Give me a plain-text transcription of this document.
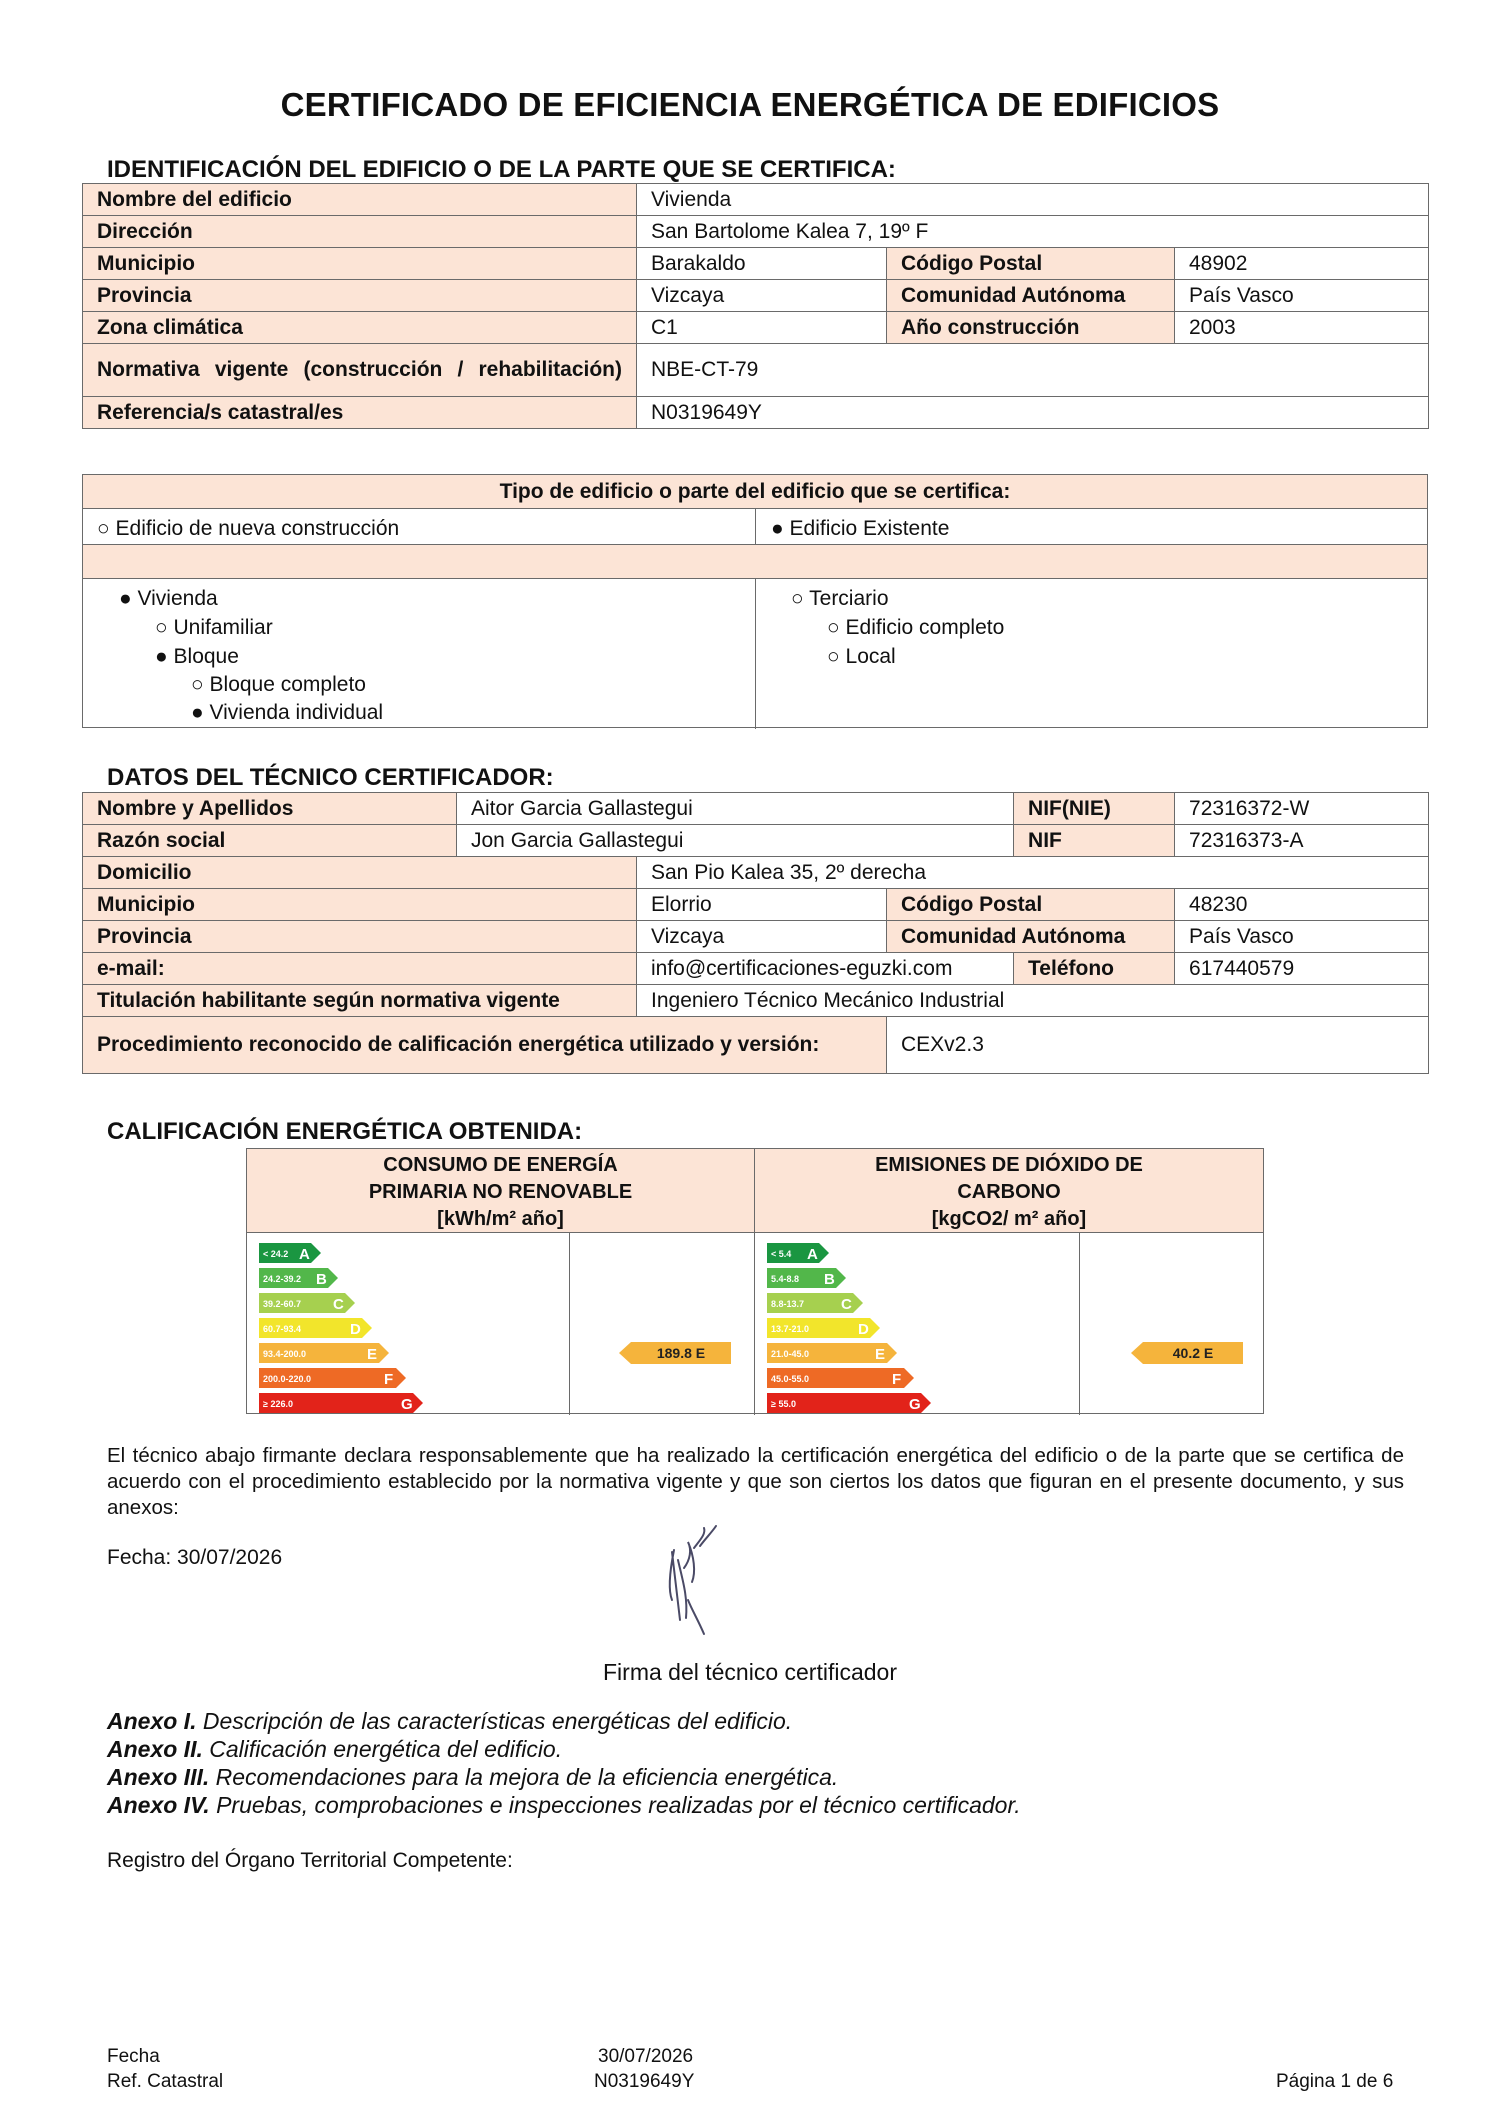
CERTIFICADO DE EFICIENCIA ENERGÉTICA DE EDIFICIOS
IDENTIFICACIÓN DEL EDIFICIO O DE LA PARTE QUE SE CERTIFICA:
Nombre del edificio	Vivienda		
Dirección	San Bartolome Kalea 7, 19º F		
Municipio	Barakaldo	Código Postal	48902
Provincia	Vizcaya	Comunidad Autónoma	País Vasco
Zona climática	C1	Año construcción	2003
Normativa vigente (construcción / rehabilitación)	NBE-CT-79		
Referencia/s catastral/es	N0319649Y		
Tipo de edificio o parte del edificio que se certifica:
○ Edificio de nueva construcción	● Edificio Existente
● Vivienda
○ Unifamiliar
● Bloque
○ Bloque completo
● Vivienda individual
○ Terciario
○ Edificio completo
○ Local
DATOS DEL TÉCNICO CERTIFICADOR:
Nombre y Apellidos	Aitor Garcia Gallastegui			NIF(NIE)	72316372-W
Razón social	Jon Garcia Gallastegui			NIF	72316373-A
Domicilio		San Pio Kalea 35, 2º derecha			
Municipio		Elorrio	Código Postal		48230
Provincia		Vizcaya	Comunidad Autónoma		País Vasco
e-mail:		info@certificaciones-eguzki.com		Teléfono	617440579
Titulación habilitante según normativa vigente		Ingeniero Técnico Mecánico Industrial			
Procedimiento reconocido de calificación energética utilizado y versión:			CEXv2.3		
CALIFICACIÓN ENERGÉTICA OBTENIDA:
CONSUMO DE ENERGÍA
PRIMARIA NO RENOVABLE
[kWh/m² año]
EMISIONES DE DIÓXIDO DE
CARBONO
[kgCO2/ m² año]
< 24.2 A
24.2-39.2 B
39.2-60.7 C
60.7-93.4	D
93.4-200.0	E	189.8 E
200.0-220.0	F
≥ 226.0	G
< 5.4 A
5.4-8.8 B
8.8-13.7 C
13.7-21.0	D
21.0-45.0	E	40.2 E
45.0-55.0	F
≥ 55.0	G
El técnico abajo firmante declara responsablemente que ha realizado la certificación energética del edificio o de la parte que se certifica de acuerdo con el procedimiento establecido por la normativa vigente y que son ciertos los datos que figuran en el presente documento, y sus anexos:
Fecha: 30/07/2026
Firma del técnico certificador
Anexo I. Descripción de las características energéticas del edificio.
Anexo II. Calificación energética del edificio.
Anexo III. Recomendaciones para la mejora de la eficiencia energética.
Anexo IV. Pruebas, comprobaciones e inspecciones realizadas por el técnico certificador.
Registro del Órgano Territorial Competente:
Fecha
Ref. Catastral
30/07/2026
N0319649Y	Página 1 de 6
